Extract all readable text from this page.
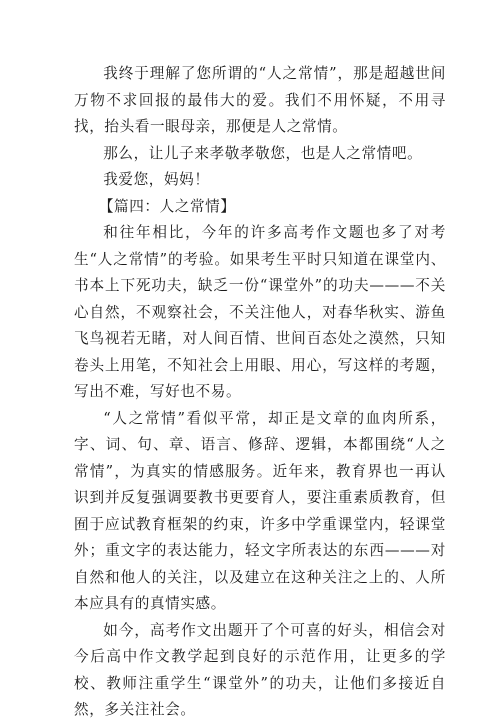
我终于理解了您所谓的“人之常情”，那是超越世间万物不求回报的最伟大的爱。我们不用怀疑，不用寻找，抬头看一眼母亲，那便是人之常情。

那么，让儿子来孝敬孝敬您，也是人之常情吧。

我爱您，妈妈！

【篇四：人之常情】

和往年相比，今年的许多高考作文题也多了对考生“人之常情”的考验。如果考生平时只知道在课堂内、书本上下死功夫，缺乏一份“课堂外”的功夫———不关心自然，不观察社会，不关注他人，对春华秋实、游鱼飞鸟视若无睹，对人间百情、世间百态处之漠然，只知卷头上用笔，不知社会上用眼、用心，写这样的考题，写出不难，写好也不易。

“人之常情”看似平常，却正是文章的血肉所系，字、词、句、章、语言、修辞、逻辑，本都围绕“人之常情”，为真实的情感服务。近年来，教育界也一再认识到并反复强调要教书更要育人，要注重素质教育，但囿于应试教育框架的约束，许多中学重课堂内，轻课堂外；重文字的表达能力，轻文字所表达的东西———对自然和他人的关注，以及建立在这种关注之上的、人所本应具有的真情实感。

如今，高考作文出题开了个可喜的好头，相信会对今后高中作文教学起到良好的示范作用，让更多的学校、教师注重学生“课堂外”的功夫，让他们多接近自然，多关注社会。
